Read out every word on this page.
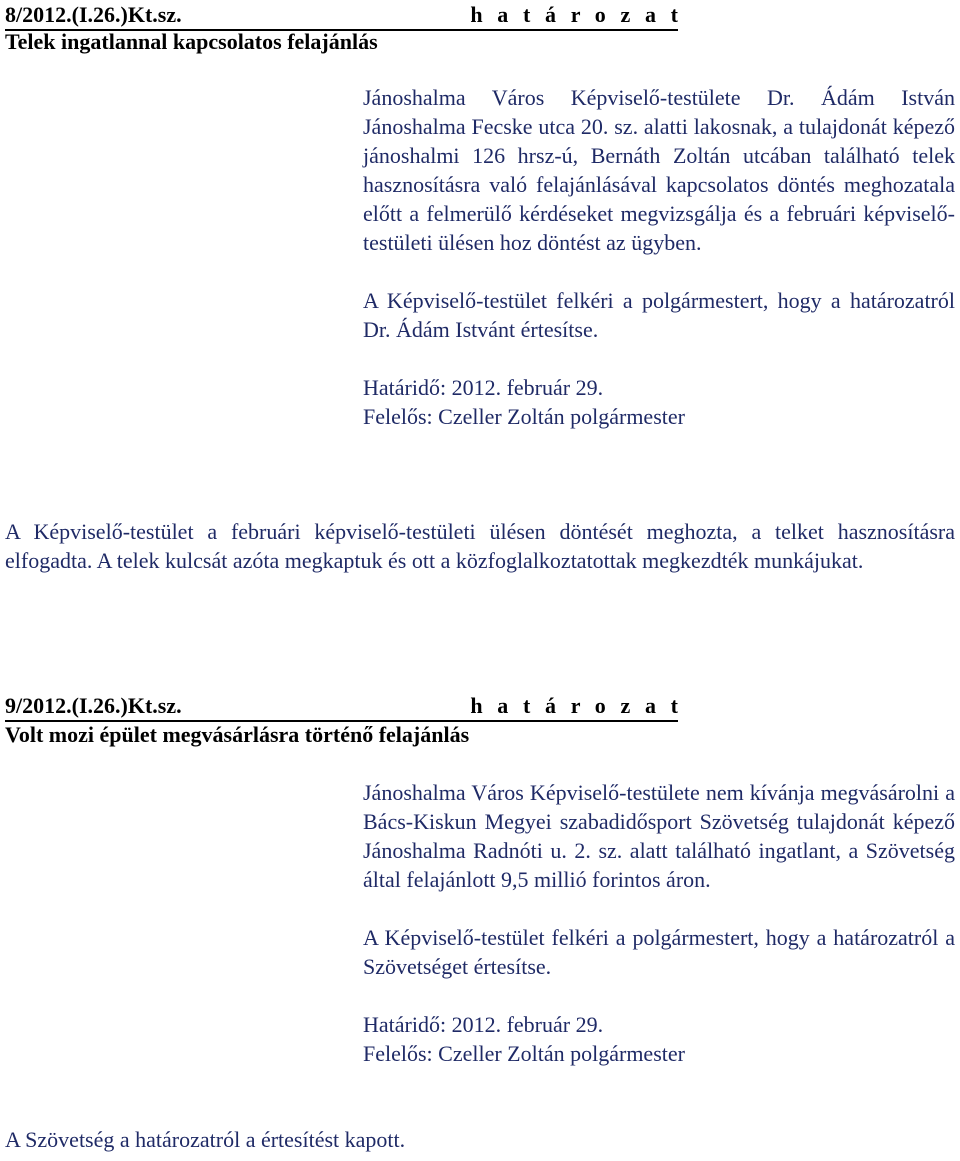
8/2012.(I.26.)Kt.sz.	h a t á r o z a t
Telek ingatlannal kapcsolatos felajánlás

Jánoshalma Város Képviselő-testülete Dr. Ádám István Jánoshalma Fecske utca 20. sz. alatti lakosnak, a tulajdonát képező jánoshalmi 126 hrsz-ú, Bernáth Zoltán utcában található telek hasznosításra való felajánlásával kapcsolatos döntés meghozatala előtt a felmerülő kérdéseket megvizsgálja és a februári képviselő-testületi ülésen hoz döntést az ügyben.

A Képviselő-testület felkéri a polgármestert, hogy a határozatról Dr. Ádám Istvánt értesítse.

Határidő: 2012. február 29.

Felelős: Czeller Zoltán polgármester

A Képviselő-testület a februári képviselő-testületi ülésen döntését meghozta, a telket hasznosításra elfogadta. A telek kulcsát azóta megkaptuk és ott a közfoglalkoztatottak megkezdték munkájukat.
9/2012.(I.26.)Kt.sz.	h a t á r o z a t
Volt mozi épület megvásárlásra történő felajánlás

Jánoshalma Város Képviselő-testülete nem kívánja megvásárolni a Bács-Kiskun Megyei szabadidősport Szövetség tulajdonát képező Jánoshalma Radnóti u. 2. sz. alatt található ingatlant, a Szövetség által felajánlott 9,5 millió forintos áron.

A Képviselő-testület felkéri a polgármestert, hogy a határozatról a Szövetséget értesítse.

Határidő: 2012. február 29.

Felelős: Czeller Zoltán polgármester

A Szövetség a határozatról a értesítést kapott.
